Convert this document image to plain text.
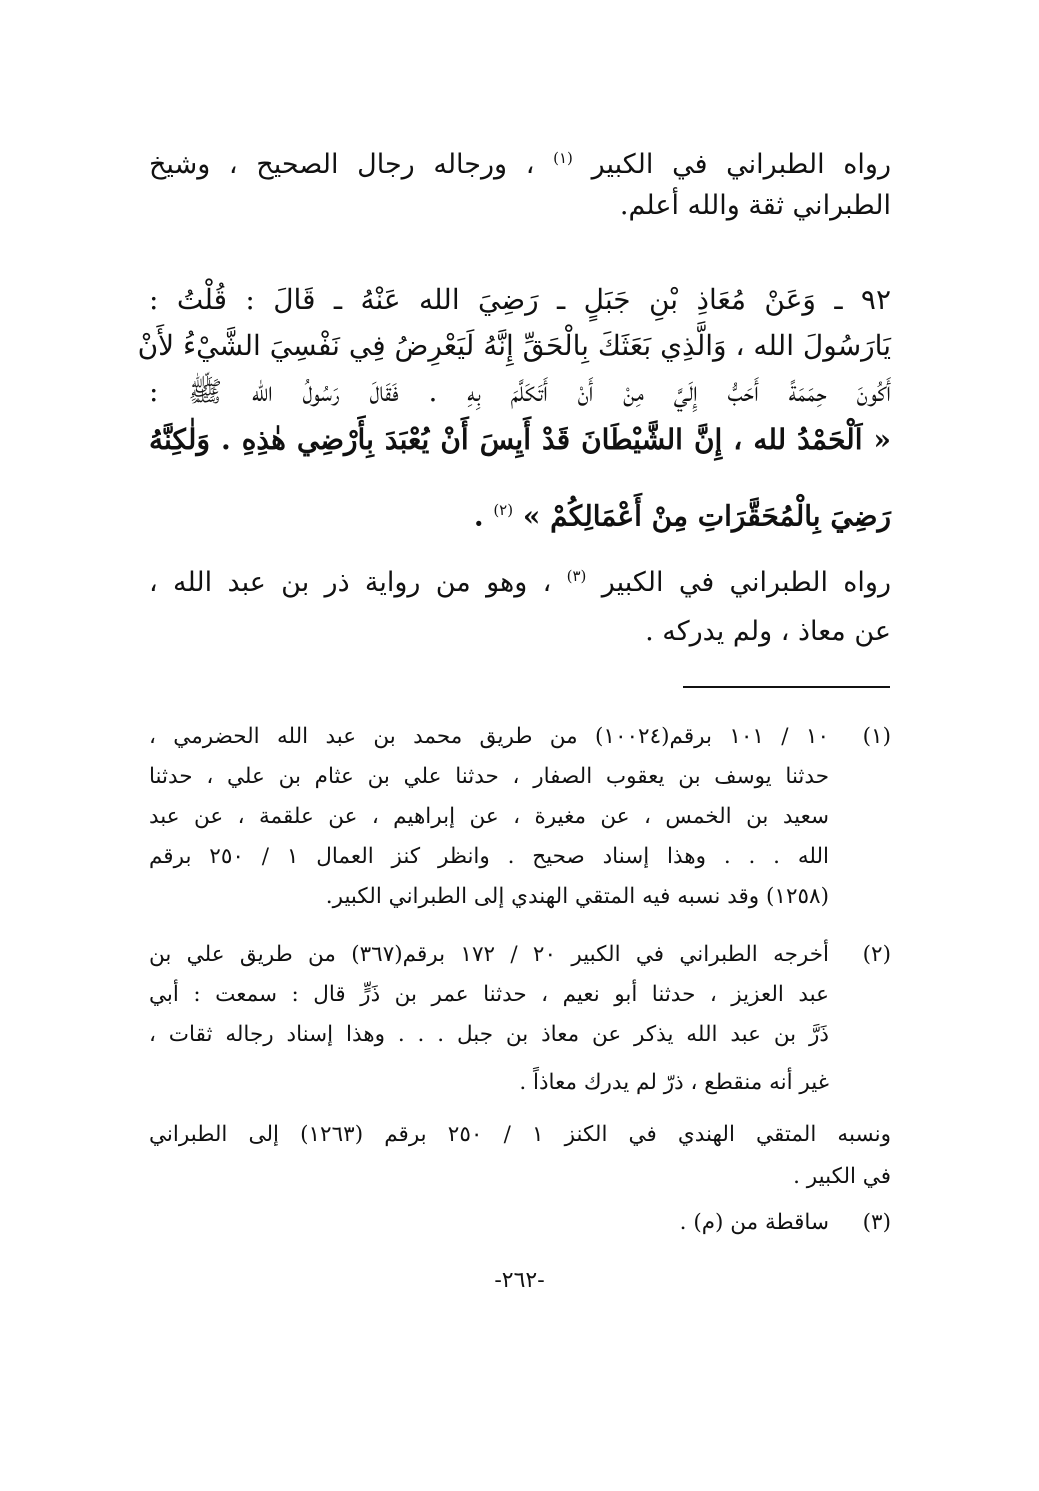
رواه الطبراني في الكبير $^{(١)}$ ، ورجاله رجال الصحيح ، وشيخ
الطبراني ثقة والله أعلم.
٩٢ ـ وَعَنْ مُعَاذِ بْنِ جَبَلٍ ـ رَضِيَ الله عَنْهُ ـ قَالَ : قُلْتُ :
يَارَسُولَ الله ، وَالَّذِي بَعَثَكَ بِالْحَقِّ إِنَّهُ لَيَعْرِضُ فِي نَفْسِيَ الشَّيْءُ لأَنْ
أَكُونَ حِمَمَةً أَحَبُّ إِلَيَّ مِنْ أَنْ أَتَكَلَّمَ بِهِ . فَقَالَ رَسُولُ الله ﷺ :
« اَلْحَمْدُ لله ، إِنَّ الشَّيْطَانَ قَدْ أَيِسَ أَنْ يُعْبَدَ بِأَرْضِي هٰذِهِ . وَلٰكِنَّهُ
رَضِيَ بِالْمُحَقَّرَاتِ مِنْ أَعْمَالِكُمْ » $^{(٢)}$ .
رواه الطبراني في الكبير $^{(٣)}$ ، وهو من رواية ذر بن عبد الله ،
عن معاذ ، ولم يدركه .
(١)
١٠ / ١٠١ برقم(١٠٠٢٤) من طريق محمد بن عبد الله الحضرمي ،
حدثنا يوسف بن يعقوب الصفار ، حدثنا علي بن عثام بن علي ، حدثنا
سعيد بن الخمس ، عن مغيرة ، عن إبراهيم ، عن علقمة ، عن عبد
الله . . . وهذا إسناد صحيح . وانظر كنز العمال ١ / ٢٥٠ برقم
(١٢٥٨) وقد نسبه فيه المتقي الهندي إلى الطبراني الكبير.
(٢)
أخرجه الطبراني في الكبير ٢٠ / ١٧٢ برقم(٣٦٧) من طريق علي بن
عبد العزيز ، حدثنا أبو نعيم ، حدثنا عمر بن ذَرٍّ قال : سمعت : أبي
ذَرَّ بن عبد الله يذكر عن معاذ بن جبل . . . وهذا إسناد رجاله ثقات ،
غير أنه منقطع ، ذرّ لم يدرك معاذاً .
ونسبه المتقي الهندي في الكنز ١ / ٢٥٠ برقم (١٢٦٣) إلى الطبراني
في الكبير .
(٣)
ساقطة من (م) .
-٢٦٢-
